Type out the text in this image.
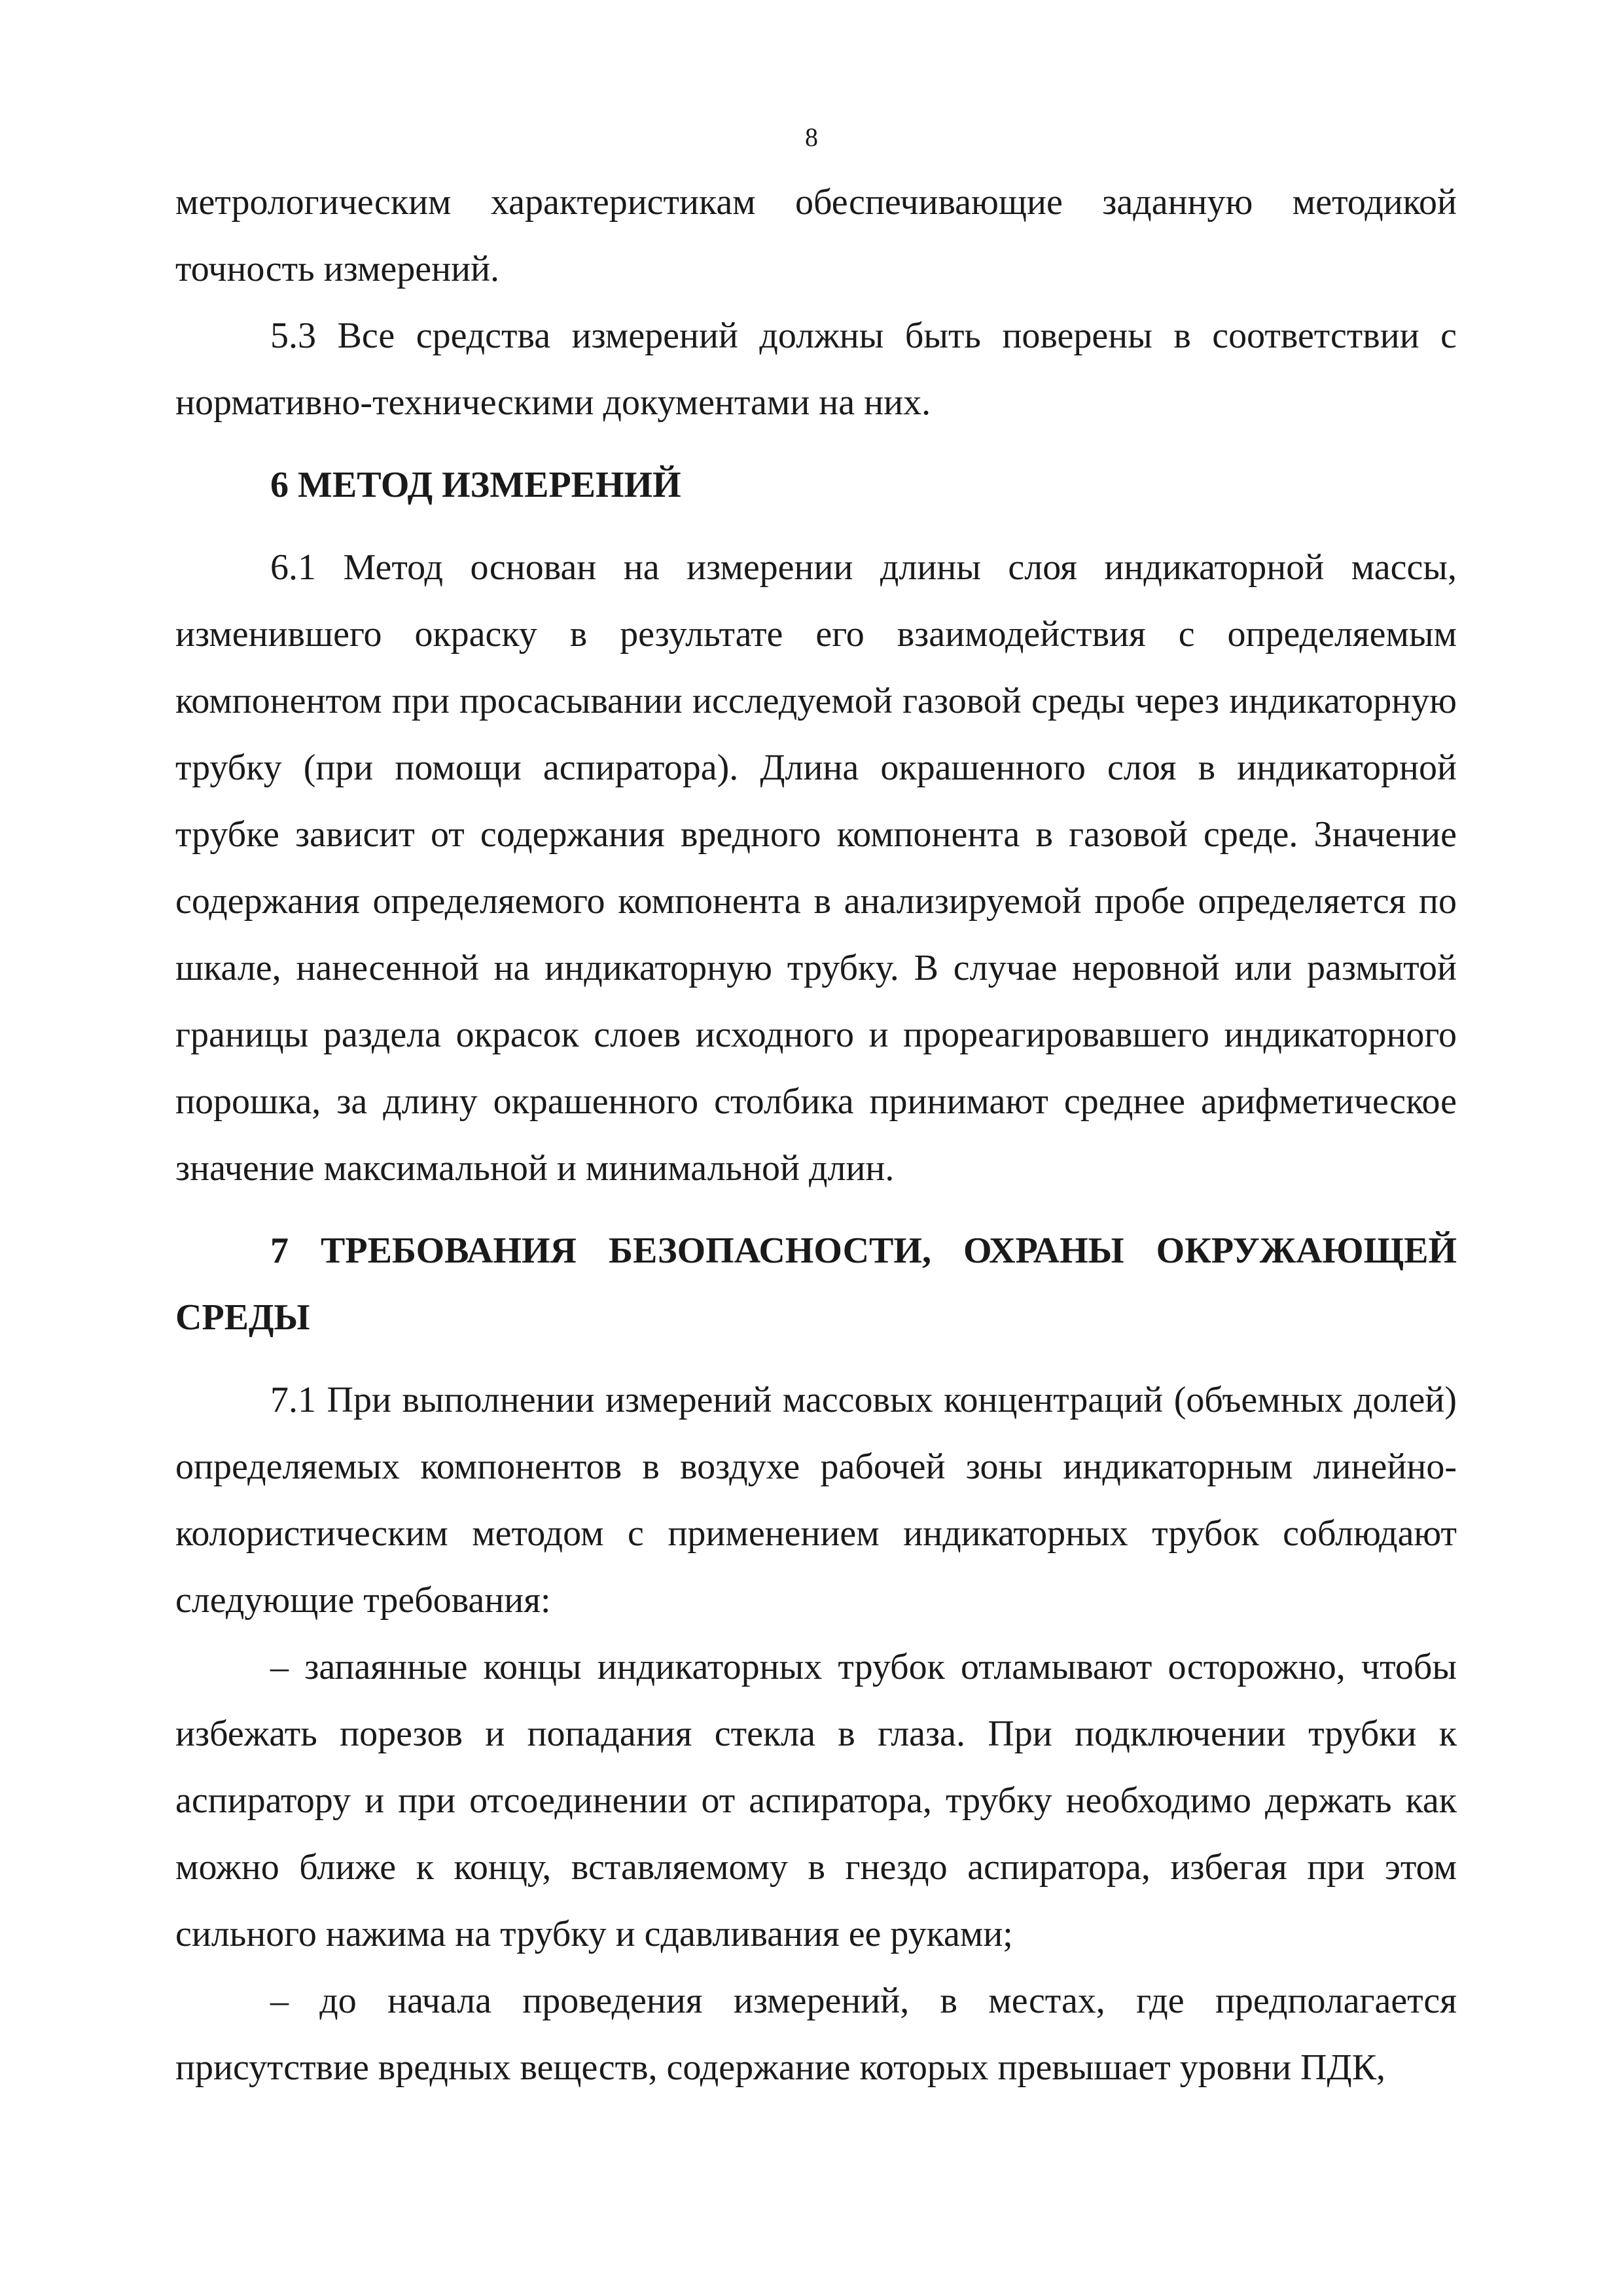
8

метрологическим характеристикам обеспечивающие заданную методикой точность измерений.

5.3 Все средства измерений должны быть поверены в соответствии с нормативно-техническими документами на них.

6 МЕТОД ИЗМЕРЕНИЙ

6.1 Метод основан на измерении длины слоя индикаторной массы, изменившего окраску в результате его взаимодействия с определяемым компонентом при просасывании исследуемой газовой среды через индикаторную трубку (при помощи аспиратора). Длина окрашенного слоя в индикаторной трубке зависит от содержания вредного компонента в газовой среде. Значение содержания определяемого компонента в анализируемой пробе определяется по шкале, нанесенной на индикаторную трубку. В случае неровной или размытой границы раздела окрасок слоев исходного и прореагировавшего индикаторного порошка, за длину окрашенного столбика принимают среднее арифметическое значение максимальной и минимальной длин.

7 ТРЕБОВАНИЯ БЕЗОПАСНОСТИ, ОХРАНЫ ОКРУЖАЮЩЕЙ СРЕДЫ

7.1 При выполнении измерений массовых концентраций (объемных долей) определяемых компонентов в воздухе рабочей зоны индикаторным линейно-колористическим методом с применением индикаторных трубок соблюдают следующие требования:

– запаянные концы индикаторных трубок отламывают осторожно, чтобы избежать порезов и попадания стекла в глаза. При подключении трубки к аспиратору и при отсоединении от аспиратора, трубку необходимо держать как можно ближе к концу, вставляемому в гнездо аспиратора, избегая при этом сильного нажима на трубку и сдавливания ее руками;

– до начала проведения измерений, в местах, где предполагается присутствие вредных веществ, содержание которых превышает уровни ПДК,
